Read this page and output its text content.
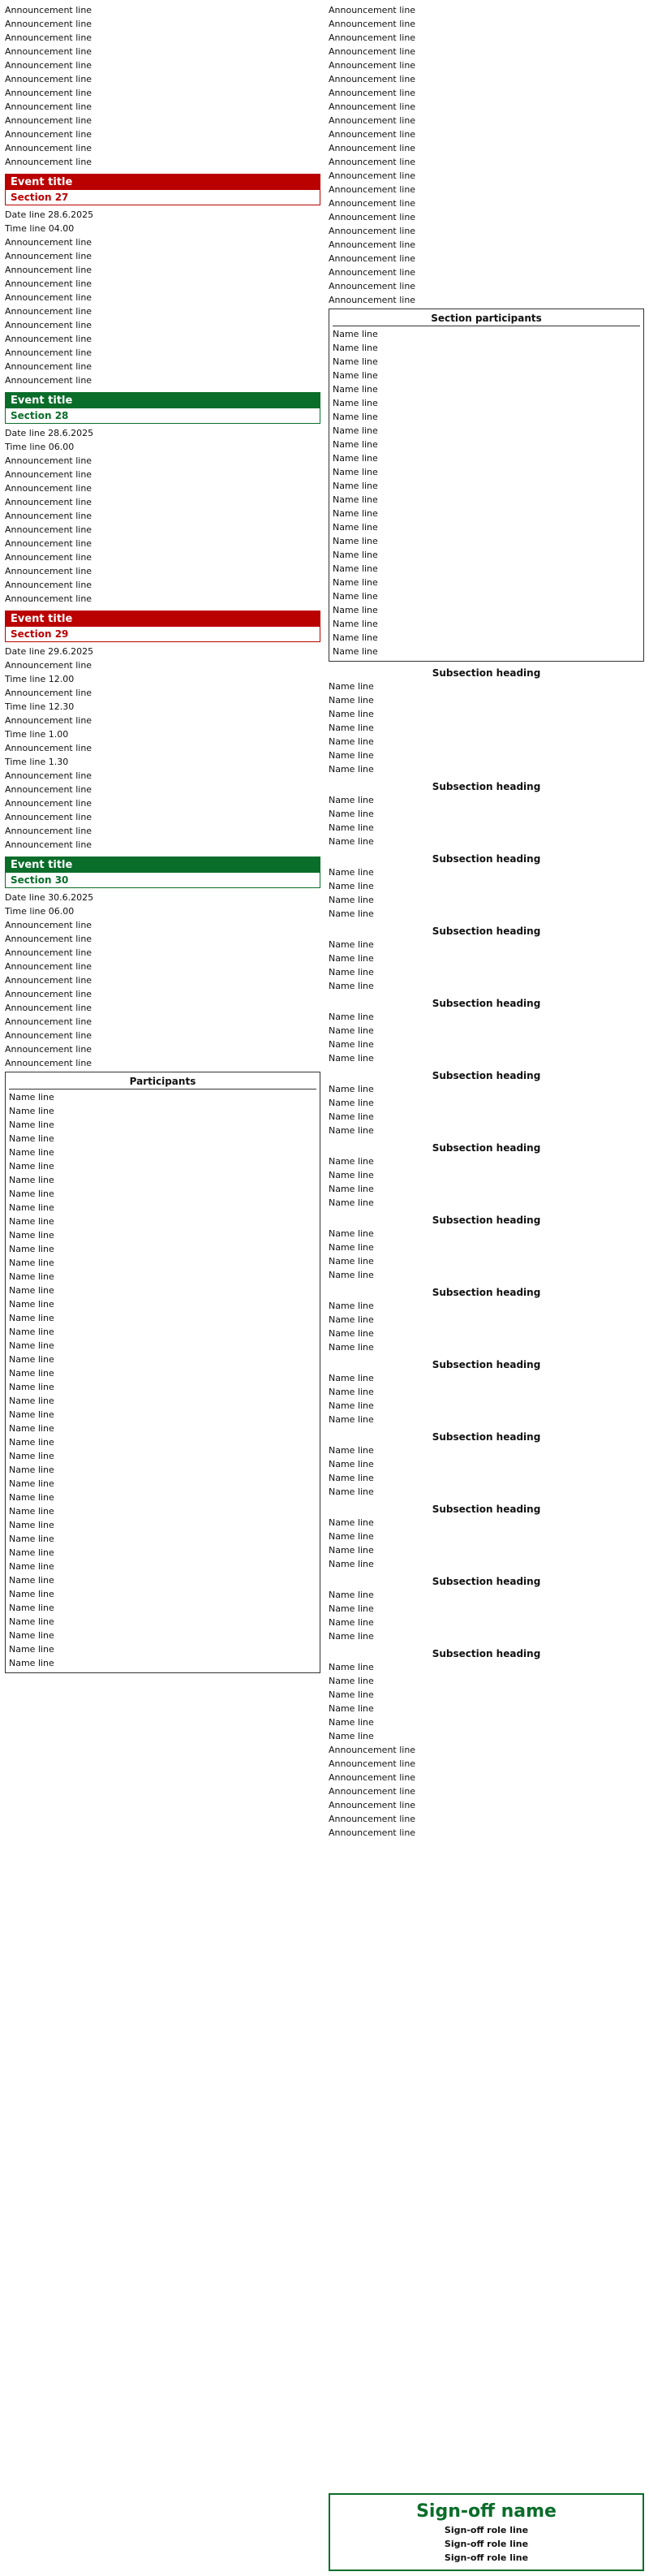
Announcement line
Announcement line
Announcement line
Announcement line
Announcement line
Announcement line
Announcement line
Announcement line
Announcement line
Announcement line
Announcement line
Announcement line
Event title
Section 27
Date line 28.6.2025
Time line 04.00
Announcement line
Announcement line
Announcement line
Announcement line
Announcement line
Announcement line
Announcement line
Announcement line
Announcement line
Announcement line
Announcement line
Event title
Section 28
Date line 28.6.2025
Time line 06.00
Announcement line
Announcement line
Announcement line
Announcement line
Announcement line
Announcement line
Announcement line
Announcement line
Announcement line
Announcement line
Announcement line
Event title
Section 29
Date line 29.6.2025
Announcement line
Time line 12.00
Announcement line
Time line 12.30
Announcement line
Time line 1.00
Announcement line
Time line 1.30
Announcement line
Announcement line
Announcement line
Announcement line
Announcement line
Announcement line
Event title
Section 30
Date line 30.6.2025
Time line 06.00
Announcement line
Announcement line
Announcement line
Announcement line
Announcement line
Announcement line
Announcement line
Announcement line
Announcement line
Announcement line
Announcement line
Participants
Name line
Name line
Name line
Name line
Name line
Name line
Name line
Name line
Name line
Name line
Name line
Name line
Name line
Name line
Name line
Name line
Name line
Name line
Name line
Name line
Name line
Name line
Name line
Name line
Name line
Name line
Name line
Name line
Name line
Name line
Name line
Name line
Name line
Name line
Name line
Name line
Name line
Name line
Name line
Name line
Name line
Name line
Announcement line
Announcement line
Announcement line
Announcement line
Announcement line
Announcement line
Announcement line
Announcement line
Announcement line
Announcement line
Announcement line
Announcement line
Announcement line
Announcement line
Announcement line
Announcement line
Announcement line
Announcement line
Announcement line
Announcement line
Announcement line
Announcement line
Section participants
Name line
Name line
Name line
Name line
Name line
Name line
Name line
Name line
Name line
Name line
Name line
Name line
Name line
Name line
Name line
Name line
Name line
Name line
Name line
Name line
Name line
Name line
Name line
Name line
Subsection heading
Name line
Name line
Name line
Name line
Name line
Name line
Name line
Subsection heading
Name line
Name line
Name line
Name line
Subsection heading
Name line
Name line
Name line
Name line
Subsection heading
Name line
Name line
Name line
Name line
Subsection heading
Name line
Name line
Name line
Name line
Subsection heading
Name line
Name line
Name line
Name line
Subsection heading
Name line
Name line
Name line
Name line
Subsection heading
Name line
Name line
Name line
Name line
Subsection heading
Name line
Name line
Name line
Name line
Subsection heading
Name line
Name line
Name line
Name line
Subsection heading
Name line
Name line
Name line
Name line
Subsection heading
Name line
Name line
Name line
Name line
Subsection heading
Name line
Name line
Name line
Name line
Subsection heading
Name line
Name line
Name line
Name line
Name line
Name line
Announcement line
Announcement line
Announcement line
Announcement line
Announcement line
Announcement line
Announcement line
Sign-off name
Sign-off role line
Sign-off role line
Sign-off role line
